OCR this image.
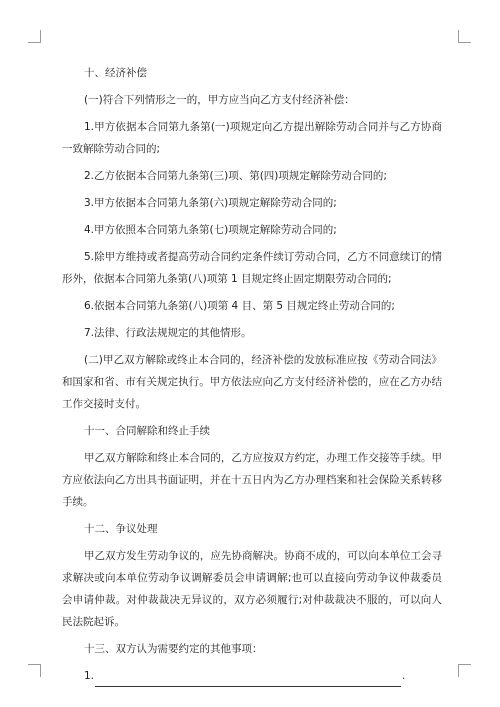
十、经济补偿

(一)符合下列情形之一的，甲方应当向乙方支付经济补偿：

1.甲方依据本合同第九条第(一)项规定向乙方提出解除劳动合同并与乙方协商一致解除劳动合同的;

2.乙方依据本合同第九条第(三)项、第(四)项规定解除劳动合同的;

3.甲方依据本合同第九条第(六)项规定解除劳动合同的;

4.甲方依照本合同第九条第(七)项规定解除劳动合同的;

5.除甲方维持或者提高劳动合同约定条件续订劳动合同，乙方不同意续订的情形外，依据本合同第九条第(八)项第 1 目规定终止固定期限劳动合同的;

6.依据本合同第九条第(八)项第 4 目、第 5 目规定终止劳动合同的;

7.法律、行政法规规定的其他情形。

(二)甲乙双方解除或终止本合同的，经济补偿的发放标准应按《劳动合同法》和国家和省、市有关规定执行。甲方依法应向乙方支付经济补偿的，应在乙方办结工作交接时支付。

十一、合同解除和终止手续

甲乙双方解除和终止本合同的，乙方应按双方约定，办理工作交接等手续。甲方应依法向乙方出具书面证明，并在十五日内为乙方办理档案和社会保险关系转移手续。

十二、争议处理

甲乙双方发生劳动争议的，应先协商解决。协商不成的，可以向本单位工会寻求解决或向本单位劳动争议调解委员会申请调解;也可以直接向劳动争议仲裁委员会申请仲裁。对仲裁裁决无异议的，双方必须履行;对仲裁裁决不服的，可以向人民法院起诉。

十三、双方认为需要约定的其他事项：

1.	.
